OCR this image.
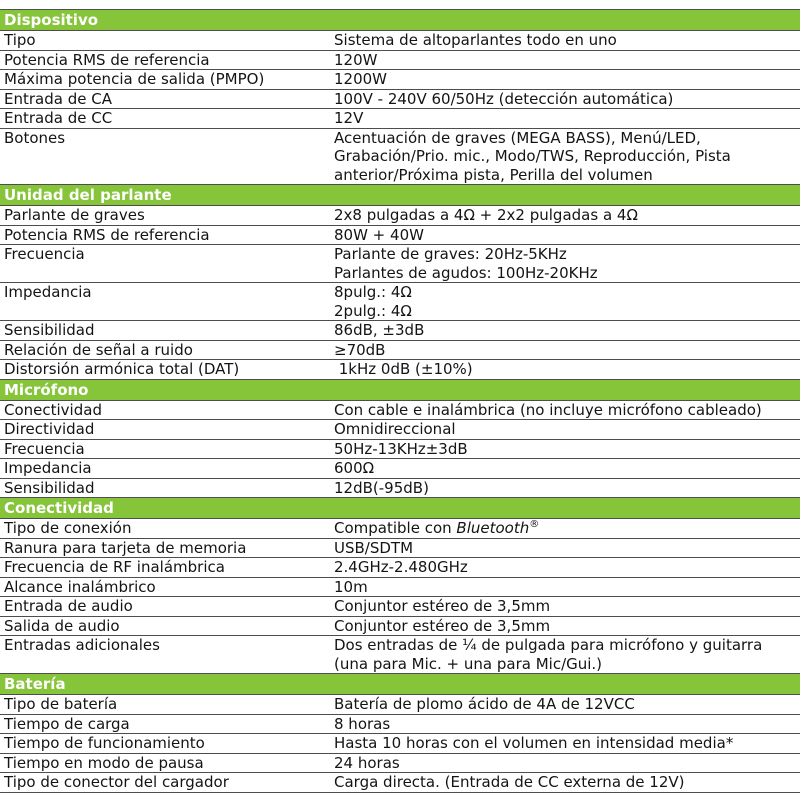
Dispositivo
Tipo	Sistema de altoparlantes todo en uno
Potencia RMS de referencia	120W
Máxima potencia de salida (PMPO)	1200W
Entrada de CA	100V - 240V 60/50Hz (detección automática)
Entrada de CC	12V
Botones	Acentuación de graves (MEGA BASS), Menú/LED,
Grabación/Prio. mic., Modo/TWS, Reproducción, Pista
anterior/Próxima pista, Perilla del volumen
Unidad del parlante
Parlante de graves	2x8 pulgadas a 4Ω + 2x2 pulgadas a 4Ω
Potencia RMS de referencia	80W + 40W
Frecuencia	Parlante de graves: 20Hz-5KHz
Parlantes de agudos: 100Hz-20KHz
Impedancia	8pulg.: 4Ω
2pulg.: 4Ω
Sensibilidad	86dB, ±3dB
Relación de señal a ruido	≥70dB
Distorsión armónica total (DAT)	1kHz 0dB (±10%)
Micrófono
Conectividad	Con cable e inalámbrica (no incluye micrófono cableado)
Directividad	Omnidireccional
Frecuencia	50Hz-13KHz±3dB
Impedancia	600Ω
Sensibilidad	12dB(-95dB)
Conectividad
Tipo de conexión	Compatible con Bluetooth®
Ranura para tarjeta de memoria	USB/SDTM
Frecuencia de RF inalámbrica	2.4GHz-2.480GHz
Alcance inalámbrico	10m
Entrada de audio	Conjuntor estéreo de 3,5mm
Salida de audio	Conjuntor estéreo de 3,5mm
Entradas adicionales	Dos entradas de ¼ de pulgada para micrófono y guitarra
(una para Mic. + una para Mic/Gui.)
Batería
Tipo de batería	Batería de plomo ácido de 4A de 12VCC
Tiempo de carga	8 horas
Tiempo de funcionamiento	Hasta 10 horas con el volumen en intensidad media*
Tiempo en modo de pausa	24 horas
Tipo de conector del cargador	Carga directa. (Entrada de CC externa de 12V)
